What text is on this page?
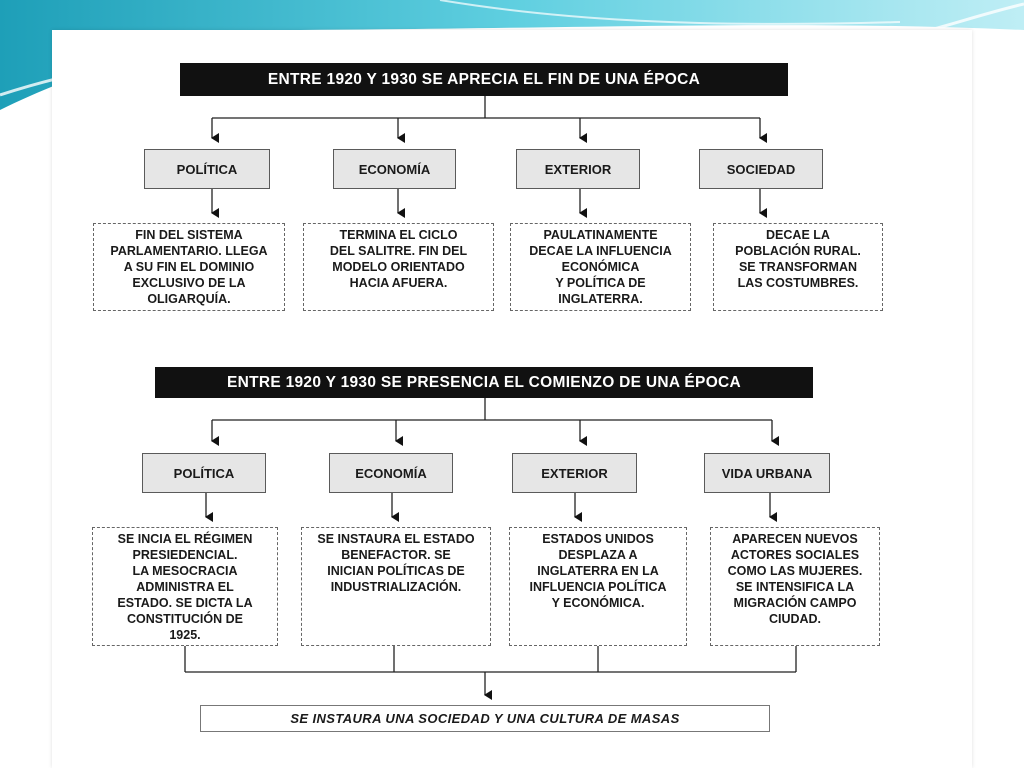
ENTRE 1920 Y 1930 SE APRECIA EL FIN DE UNA ÉPOCA
POLÍTICA	ECONOMÍA	EXTERIOR	SOCIEDAD
FIN DEL SISTEMA
PARLAMENTARIO. LLEGA
A SU FIN EL DOMINIO
EXCLUSIVO DE LA
OLIGARQUÍA.
TERMINA EL CICLO
DEL SALITRE. FIN DEL
MODELO ORIENTADO
HACIA AFUERA.
PAULATINAMENTE
DECAE LA INFLUENCIA
ECONÓMICA
Y POLÍTICA DE
INGLATERRA.
DECAE LA
POBLACIÓN RURAL.
SE TRANSFORMAN
LAS COSTUMBRES.
ENTRE 1920 Y 1930 SE PRESENCIA EL COMIENZO DE UNA ÉPOCA
POLÍTICA	ECONOMÍA	EXTERIOR	VIDA URBANA
SE INCIA EL RÉGIMEN
PRESIEDENCIAL.
LA MESOCRACIA
ADMINISTRA EL
ESTADO. SE DICTA LA
CONSTITUCIÓN DE
1925.
SE INSTAURA EL ESTADO
BENEFACTOR. SE
INICIAN POLÍTICAS DE
INDUSTRIALIZACIÓN.
ESTADOS UNIDOS
DESPLAZA A
INGLATERRA EN LA
INFLUENCIA POLÍTICA
Y ECONÓMICA.
APARECEN NUEVOS
ACTORES SOCIALES
COMO LAS MUJERES.
SE INTENSIFICA LA
MIGRACIÓN CAMPO
CIUDAD.
SE INSTAURA UNA SOCIEDAD Y UNA CULTURA DE MASAS
